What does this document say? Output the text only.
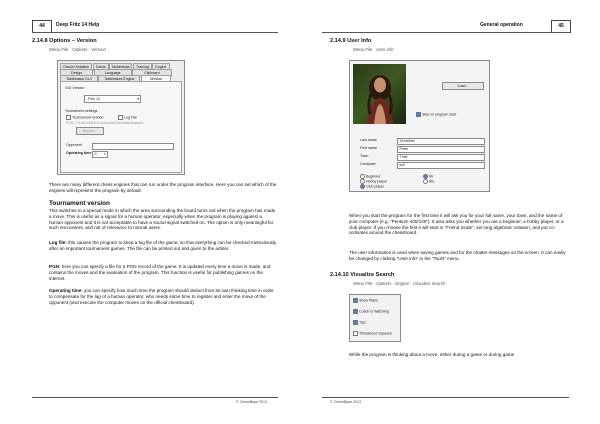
44	Deep Fritz 14 Help
2.14.8 Options – Version
Menu File · Options · Version
Clocks+Notation Game Multimedia Training Engine
Design	Language	Clipboard
Tablebases GUI	Tablebases Engine	Version
GUI Version
Fritz 12	▾
Tournament settings
Tournament version	Log File
PGN: C:\Users\Mike\Documents\ChessBase\Mybase
Browse...
Opponent
Operating time 0 ⇕
There are many different chess engines that can run under the program interface. Here you can set which of the engines will represent the program by default.
Tournament version
This switches to a special mode in which the area surrounding the board turns red when the program has made a move. This is useful as a signal for a human operator, especially when the program is playing against a human opponent and it is not acceptable to have a sound signal switched on. The option is only meaningful for such encounters, and not of relevance to normal users.

Log file: this causes the program to keep a log file of the game, so that everything can be checked meticulously after an important tournament games. The file can be printed out and given to the arbiter.

PGN: here you can specify a file for a PGN record of the game. It is updated every time a move is made, and contains the moves and the evaluation of the program. This function is useful for publishing games on the internet.

Operating time: you can specify how much time the program should deduct from its own thinking time in order to compensate for the lag of a human operator, who needs some time to register and enter the move of the opponent (and execute the computer moves on the official chessboard).

© ChessBase 2013
General operation	45
2.14.9 User Info
Menu File · User info
Load...
Skip on program start
Last name	Schreiber
First name	Peter
Town	Thier
Computer	es2
Beginner
Hobby player
Club player
Mr.
Ms.
When you start the program for the first time it will ask you for your full name, your town, and the name of your computer (e.g. “Pentium 400/128”). It also asks you whether you are a beginner, a hobby player, or a club player. If you choose the first it will start in “Friend mode”, set long algebraic notation, and put co-ordinates around the chessboard.
The user information is used when saving games and for the chatter messages on the screen. It can easily be changed by clicking “User info” in the “Tools” menu.
2.14.10 Visualize Search
Menu File · Options · Engine · Visualize Search
Show Plans
Coach is Watching
Tips
Threatened Squares
While the program is thinking about a move, either during a game or during game
© ChessBase 2013
